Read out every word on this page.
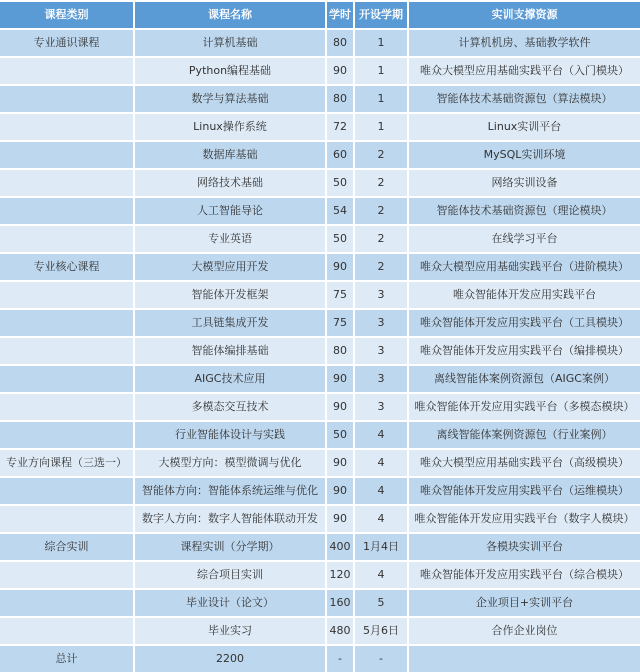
课程类别	课程名称	学时 开设学期	实训支撑资源
专业通识课程	计算机基础	80	1	计算机机房、基础教学软件
Python编程基础	90	1	唯众大模型应用基础实践平台（入门模块）
数学与算法基础	80	1	智能体技术基础资源包（算法模块）
Linux操作系统	72	1	Linux实训平台
数据库基础	60	2	MySQL实训环境
网络技术基础	50	2	网络实训设备
人工智能导论	54	2	智能体技术基础资源包（理论模块）
专业英语	50	2	在线学习平台
专业核心课程	大模型应用开发	90	2	唯众大模型应用基础实践平台（进阶模块）
智能体开发框架	75	3	唯众智能体开发应用实践平台
工具链集成开发	75	3	唯众智能体开发应用实践平台（工具模块）
智能体编排基础	80	3	唯众智能体开发应用实践平台（编排模块）
AIGC技术应用	90	3	离线智能体案例资源包（AIGC案例）
多模态交互技术	90	3	唯众智能体开发应用实践平台（多模态模块）
行业智能体设计与实践	50	4	离线智能体案例资源包（行业案例）
专业方向课程（三选一）	大模型方向：模型微调与优化	90	4	唯众大模型应用基础实践平台（高级模块）
智能体方向：智能体系统运维与优化	90	4	唯众智能体开发应用实践平台（运维模块）
数字人方向：数字人智能体联动开发	90	4	唯众智能体开发应用实践平台（数字人模块）
综合实训	课程实训（分学期）	400	1月4日	各模块实训平台
综合项目实训	120	4	唯众智能体开发应用实践平台（综合模块）
毕业设计（论文）	160	5	企业项目+实训平台
毕业实习	480	5月6日	合作企业岗位
总计	2200	-	-
